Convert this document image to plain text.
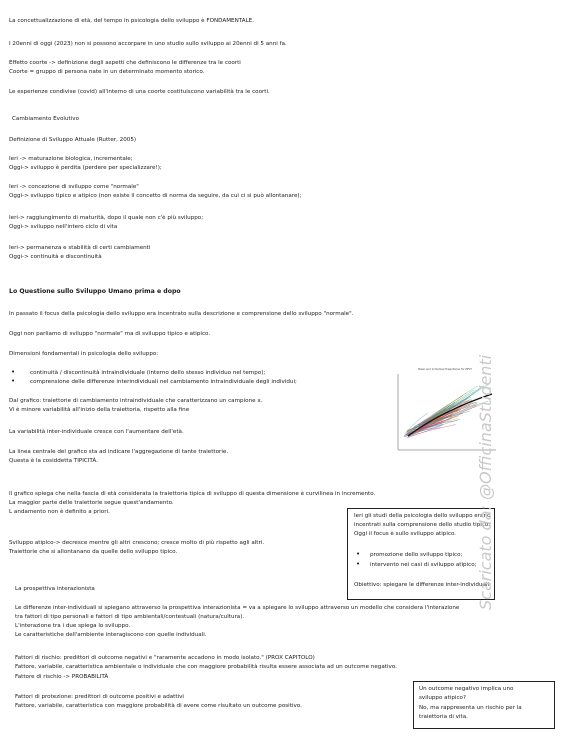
La concettualizzazione di età, del tempo in psicologia dello sviluppo è FONDAMENTALE.
I 20enni di oggi (2023) non si possono accorpare in uno studio sullo sviluppo ai 20enni di 5 anni fa.
Effetto coorte -> definizione degli aspetti che definiscono le differenze tra le coorti
Coorte = gruppo di persona nate in un determinato momento storico.
Le esperienze condivise (covid) all'interno di una coorte costituiscono variabilità tra le coorti.
Cambiamento Evolutivo
Definizione di Sviluppo Attuale (Rutter, 2005)
Ieri -> maturazione biologica, incrementale;
Oggi-> sviluppo è perdita (perdere per specializzare!);
Ieri -> concezione di sviluppo come "normale"
Oggi-> sviluppo tipico e atipico (non esiste il concetto di norma da seguire, da cui ci si può allontanare);
Ieri-> raggiungimento di maturità, dopo il quale non c'è più sviluppo;
Oggi-> sviluppo nell'intero ciclo di vita
Ieri-> permanenza e stabilità di certi cambiamenti
Oggi-> continuità e discontinuità
Lo Questione sullo Sviluppo Umano prima e dopo
In passato il focus della psicologia dello sviluppo era incentrato sulla descrizione e comprensione dello sviluppo "normale".
Oggi non parliamo di sviluppo "normale" ma di sviluppo tipico e atipico.
Dimensioni fondamentali in psicologia dello sviluppo:
•	continuità / discontinuità intraindividuale (interno dello stesso individuo nel tempo);
•	comprensione delle differenze interindividuali nel cambiamento intraindividuale degli individui;
Dal grafico: traiettorie di cambiamento intraindividuale che caratterizzano un campione x.
Vi è minore variabilità all'inizio della traiettoria, rispetto alla fine
La variabilità inter-individuale cresce con l'aumentare dell'età.
La linea centrale del grafico sta ad indicare l'aggregazione di tante traiettorie.
Questa è la cosiddetta TIPICITÀ.
Mean and individual Trajectories for PPVT
Il grafico spiega che nella fascia di età considerata la traiettoria tipica di sviluppo di questa dimensione è curvilinea in incremento.
La maggior parte delle traiettorie segue quest'andamento.
L andamento non è definito a priori.
Ieri gli studi della psicologia dello sviluppo erano
incentrati sulla comprensione dello studio tipico.
Oggi il focus è sullo sviluppo atipico.
• promozione dello sviluppo tipico;
• intervento nei casi di sviluppo atipico;
Obiettivo: spiegare le differenze inter-individuali.
Sviluppo atipico-> decresce mentre gli altri crescono; cresce molto di più rispetto agli altri.
Traiettorie che si allontanano da quelle dello sviluppo tipico.
La prospettiva interazionista
Le differenze inter-individuali si spiegano attraverso la prospettiva interazionista = va a spiegare lo sviluppo attraverso un modello che considera l'interazione
tra fattori di tipo personali e fattori di tipo ambientali/contestuali (natura/cultura).
L'interazione tra i due spiega lo sviluppo.
Le caratteristiche dell'ambiente interagiscono con quelle individuali.
Fattori di rischio: predittori di outcome negativi e "raramente accadono in modo isolato." (PROX CAPITOLO)
Fattore, variabile, caratteristica ambientale o individuale che con maggiore probabilità risulta essere associata ad un outcome negativo.
Fattore di rischio -> PROBABILITÀ
Fattori di protezione: predittori di outcome positivi e adattivi
Fattore, variabile, caratteristica con maggiore probabilità di avere come risultato un outcome positivo.
Un outcome negativo implica uno
sviluppo atipico?
No, ma rappresenta un rischio per la
traiettoria di vita.
Scaricato da: @OfficinaStudenti
